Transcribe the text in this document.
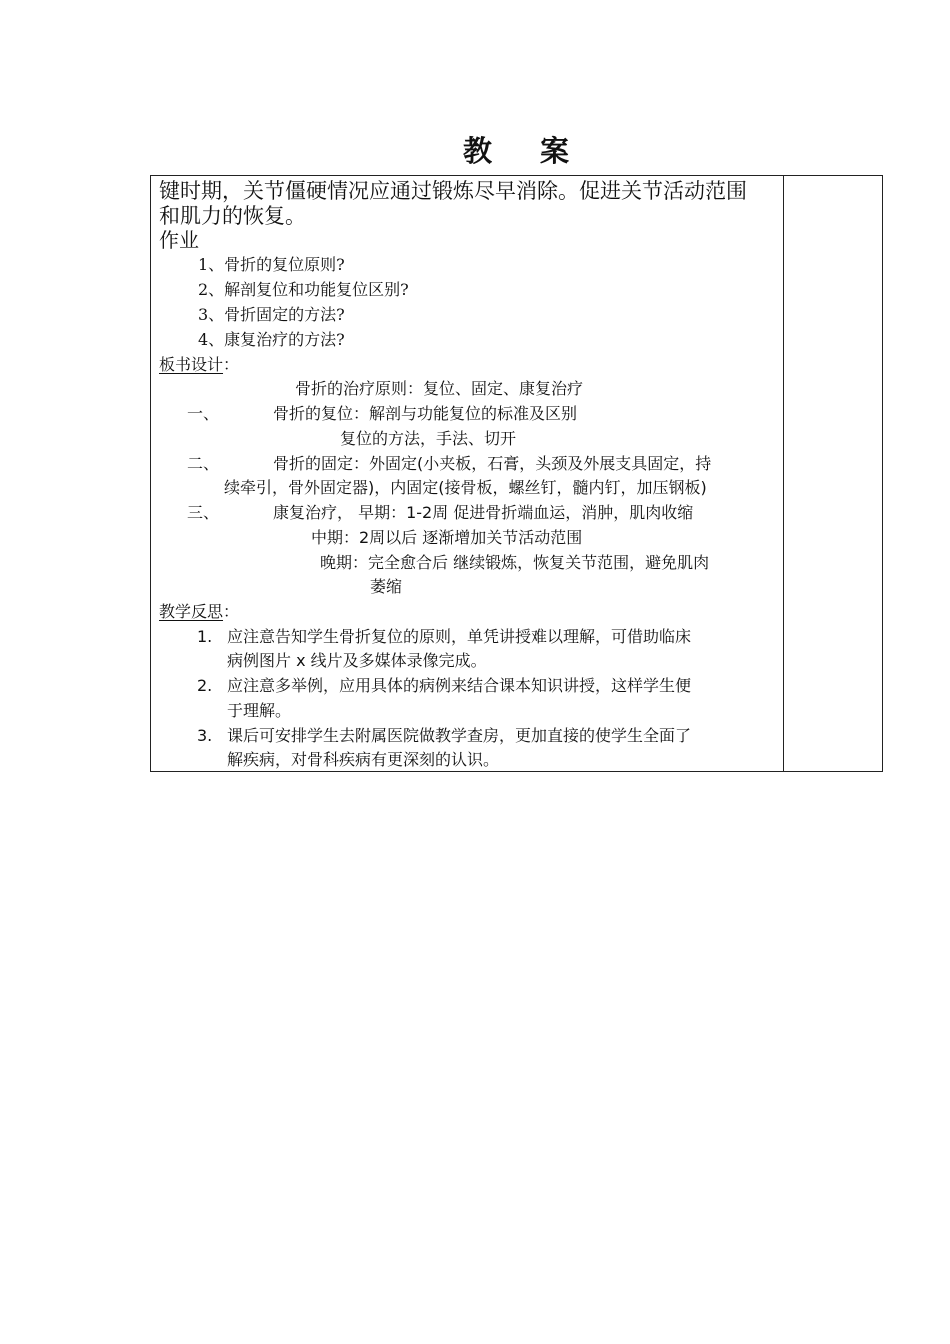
教 案
键时期，关节僵硬情况应通过锻炼尽早消除。促进关节活动范围
和肌力的恢复。
作业
1、骨折的复位原则?
2、解剖复位和功能复位区别?
3、骨折固定的方法?
4、康复治疗的方法?
板书设计：
骨折的治疗原则：复位、固定、康复治疗
一、	骨折的复位：解剖与功能复位的标准及区别
复位的方法，手法、切开
二、	骨折的固定：外固定(小夹板，石膏，头颈及外展支具固定，持
续牵引，骨外固定器)，内固定(接骨板，螺丝钉，髓内钉，加压钢板)
三、	康复治疗， 早期：1-2周 促进骨折端血运，消肿，肌肉收缩
中期：2周以后 逐渐增加关节活动范围
晚期：完全愈合后 继续锻炼，恢复关节范围，避免肌肉
萎缩
教学反思：
1. 应注意告知学生骨折复位的原则，单凭讲授难以理解，可借助临床
病例图片 x 线片及多媒体录像完成。
2. 应注意多举例，应用具体的病例来结合课本知识讲授，这样学生便
于理解。
3. 课后可安排学生去附属医院做教学查房，更加直接的使学生全面了
解疾病，对骨科疾病有更深刻的认识。
